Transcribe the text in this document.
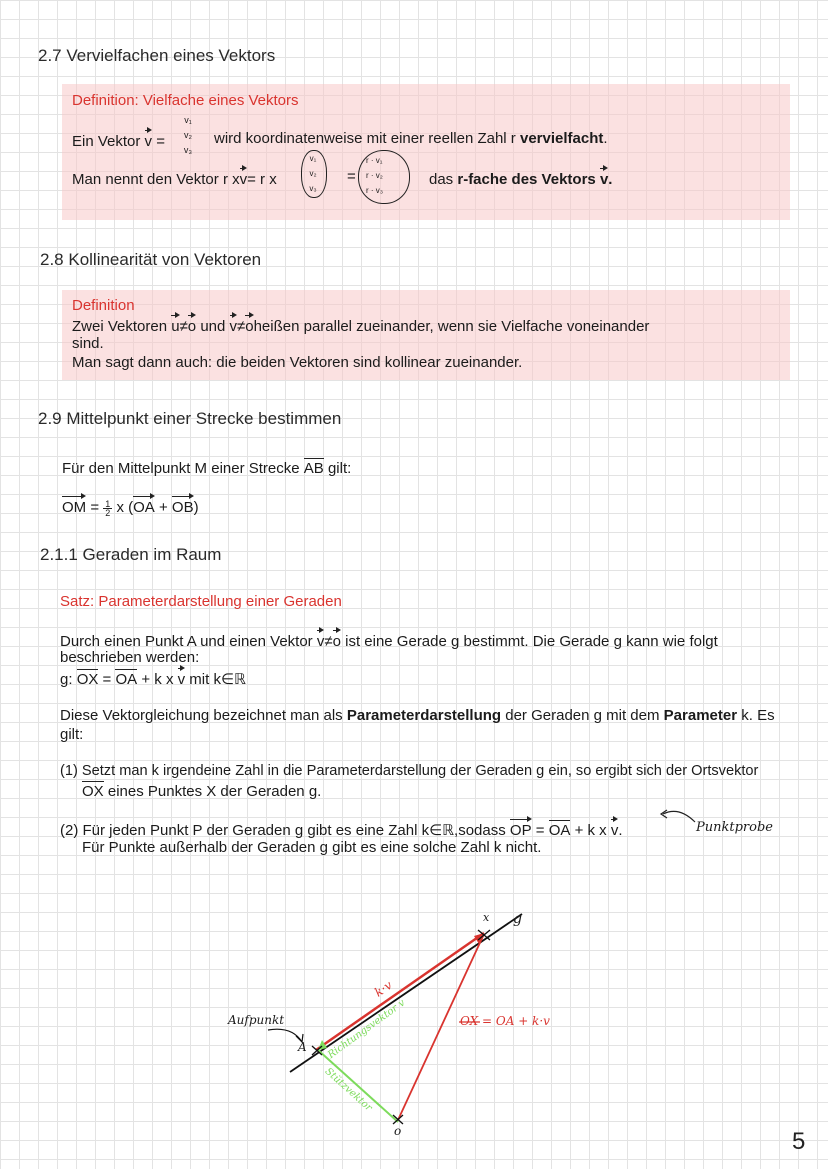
2.7 Vervielfachen eines Vektors
Definition: Vielfache eines Vektors
Ein Vektor v =
v₁
v₂
v₃
wird koordinatenweise mit einer reellen Zahl r vervielfacht.
Man nennt den Vektor r xv= r x
v₁
v₂
v₃
=
r · v₁
r · v₂
r · v₃
das r-fache des Vektors v.
2.8 Kollinearität von Vektoren
Definition
Zwei Vektoren u≠o und v≠oheißen parallel zueinander, wenn sie Vielfache voneinander
sind.
Man sagt dann auch: die beiden Vektoren sind kollinear zueinander.
2.9 Mittelpunkt einer Strecke bestimmen
Für den Mittelpunkt M einer Strecke AB gilt:
OM = $\frac{1}{2}$ x (OA + OB)
2.1.1 Geraden im Raum
Satz: Parameterdarstellung einer Geraden
Durch einen Punkt A und einen Vektor v≠o ist eine Gerade g bestimmt. Die Gerade g kann wie folgt
beschrieben werden:
g: OX = OA + k x v mit k∈ℝ
Diese Vektorgleichung bezeichnet man als Parameterdarstellung der Geraden g mit dem Parameter k. Es
gilt:
(1) Setzt man k irgendeine Zahl in die Parameterdarstellung der Geraden g ein, so ergibt sich der Ortsvektor
OX eines Punktes X der Geraden g.
(2) Für jeden Punkt P der Geraden g gibt es eine Zahl k∈ℝ,sodass OP = OA + k x v.
Für Punkte außerhalb der Geraden g gibt es eine solche Zahl k nicht.
Punktprobe
Aufpunkt
A
x g
o
k·v
Richtungsvektor v
Stützvektor
OX = OA + k·v
5
